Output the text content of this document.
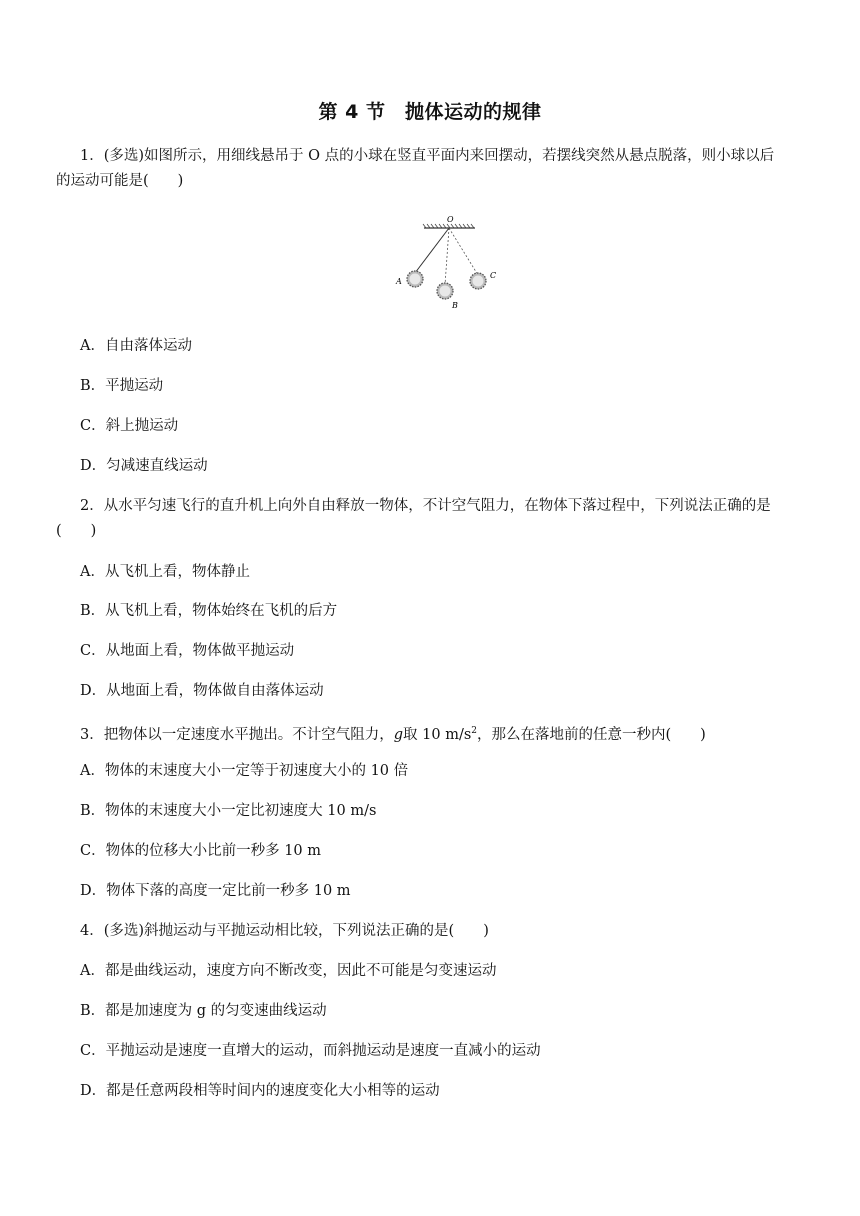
第 4 节　抛体运动的规律
1．(多选)如图所示，用细线悬吊于 O 点的小球在竖直平面内来回摆动，若摆线突然从悬点脱落，则小球以后
的运动可能是(　　)
O
A
B
C
A．自由落体运动
B．平抛运动
C．斜上抛运动
D．匀减速直线运动
2．从水平匀速飞行的直升机上向外自由释放一物体，不计空气阻力，在物体下落过程中，下列说法正确的是
(　　)
A．从飞机上看，物体静止
B．从飞机上看，物体始终在飞机的后方
C．从地面上看，物体做平抛运动
D．从地面上看，物体做自由落体运动
3．把物体以一定速度水平抛出。不计空气阻力，g取 10 $m/s^2$，那么在落地前的任意一秒内(　　)
A．物体的末速度大小一定等于初速度大小的 10 倍
B．物体的末速度大小一定比初速度大 10 m/s
C．物体的位移大小比前一秒多 10 m
D．物体下落的高度一定比前一秒多 10 m
4．(多选)斜抛运动与平抛运动相比较，下列说法正确的是(　　)
A．都是曲线运动，速度方向不断改变，因此不可能是匀变速运动
B．都是加速度为 g 的匀变速曲线运动
C．平抛运动是速度一直增大的运动，而斜抛运动是速度一直减小的运动
D．都是任意两段相等时间内的速度变化大小相等的运动
